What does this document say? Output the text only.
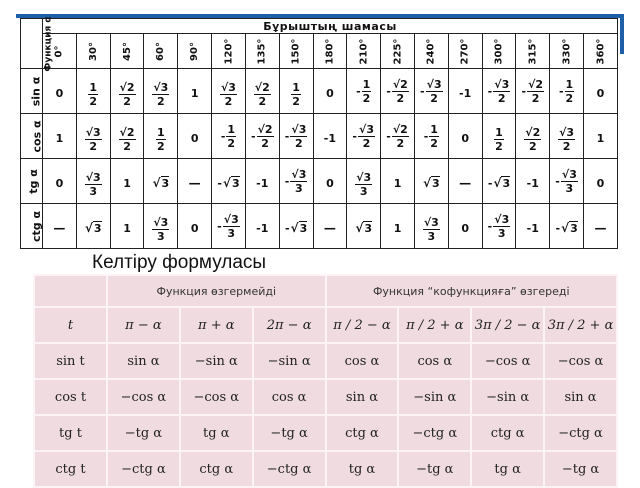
Функция α	Бұрыштың шамасы																
	0°	30°	45°	60°	90°	120°	135°	150°	180°	210°	225°	240°	270°	300°	315°	330°	360°
sin α	0	$\frac{1}{2}$	$\frac{√2}{2}$	$\frac{√3}{2}$	1	$\frac{√3}{2}$	$\frac{√2}{2}$	$\frac{1}{2}$	0	- $\frac{1}{2}$	- $\frac{√2}{2}$	- $\frac{√3}{2}$	-1	- $\frac{√3}{2}$	- $\frac{√2}{2}$	- $\frac{1}{2}$	0

cos α	1	$\frac{√3}{2}$	$\frac{√2}{2}$	$\frac{1}{2}$	0	- $\frac{1}{2}$	- $\frac{√2}{2}$	- $\frac{√3}{2}$	-1	- $\frac{√3}{2}$	- $\frac{√2}{2}$	- $\frac{1}{2}$	0	$\frac{1}{2}$	$\frac{√2}{2}$	$\frac{√3}{2}$	1

tg α	0	$\frac{√3}{3}$	1	√ 3	—	- √ 3	-1	- $\frac{√3}{3}$	0	$\frac{√3}{3}$	1	√ 3	—	- √ 3	-1	- $\frac{√3}{3}$	0

ctg α	—	√ 3	1	$\frac{√3}{3}$	0	- $\frac{√3}{3}$	-1	- √ 3	—	√ 3	1	$\frac{√3}{3}$	0	- $\frac{√3}{3}$	-1	- √ 3	—
Келтіру формуласы
	Функция өзгермейді			Функция “кофункцияға” өзгереді			
t	π − α	π + α	2π − α	π / 2 − α	π / 2 + α	3π / 2 − α	3π / 2 + α
sin t	sin α	−sin α	−sin α	cos α	cos α	−cos α	−cos α
cos t	−cos α	−cos α	cos α	sin α	−sin α	−sin α	sin α
tg t	−tg α	tg α	−tg α	ctg α	−ctg α	ctg α	−ctg α
ctg t	−ctg α	ctg α	−ctg α	tg α	−tg α	tg α	−tg α
